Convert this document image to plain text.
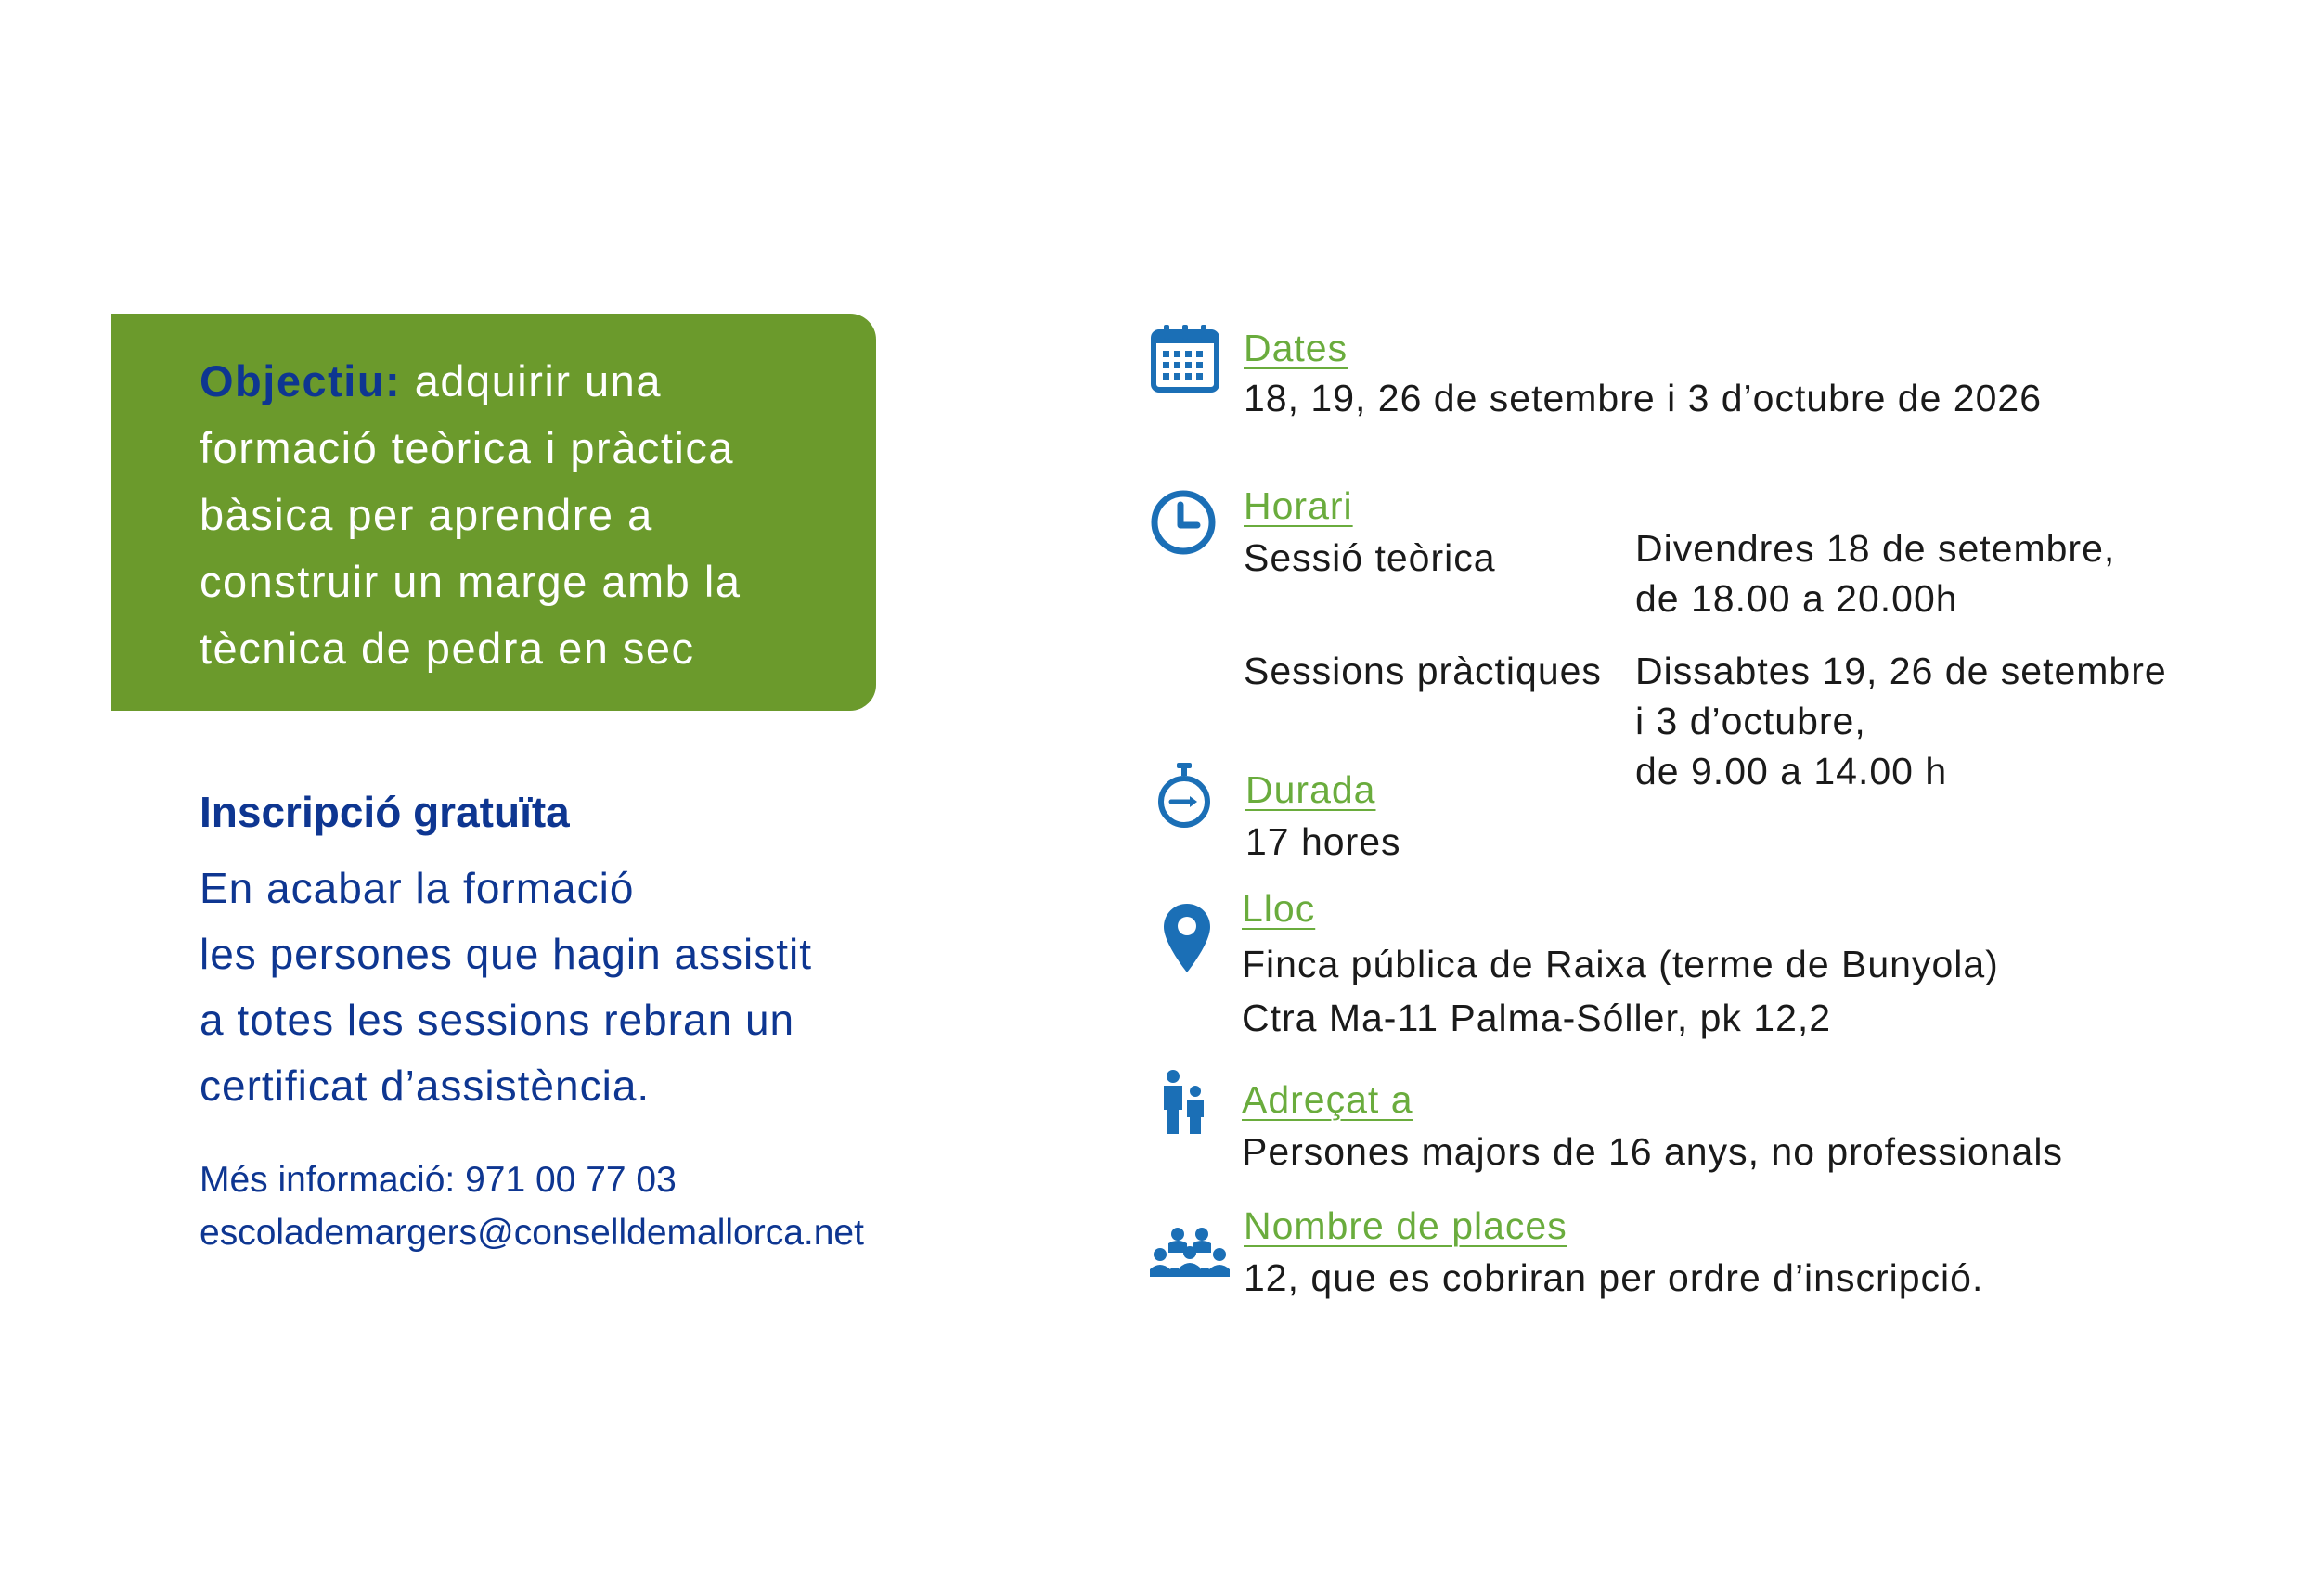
Objectiu: adquirir una
formació teòrica i pràctica
bàsica per aprendre a
construir un marge amb la
tècnica de pedra en sec
Inscripció gratuïta
En acabar la formació
les persones que hagin assistit
a totes les sessions rebran un
certificat d’assistència.
Més informació: 971 00 77 03
escolademargers@conselldemallorca.net
Dates
18, 19, 26 de setembre i 3 d’octubre de 2026
Horari
Sessió teòrica	Divendres 18 de setembre,
de 18.00 a 20.00h
Sessions pràctiques Dissabtes 19, 26 de setembre
i 3 d’octubre,
de 9.00 a 14.00 h
Durada
17 hores
Lloc
Finca pública de Raixa (terme de Bunyola)
Ctra Ma-11 Palma-Sóller, pk 12,2
Adreçat a
Persones majors de 16 anys, no professionals
Nombre de places
12, que es cobriran per ordre d’inscripció.
